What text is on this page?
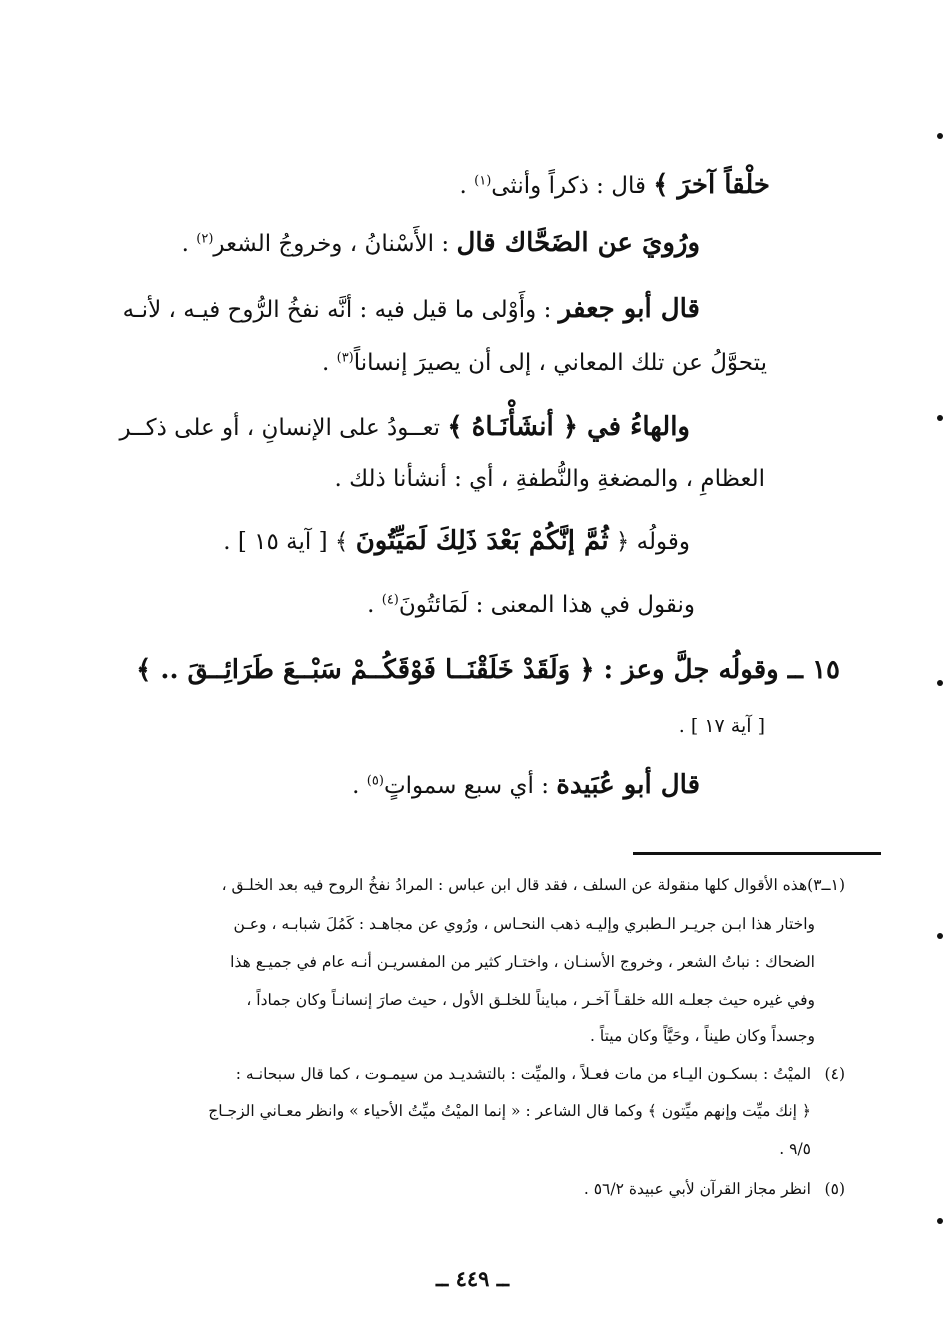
خلْقاً آخرَ ﴾ قال : ذكراً وأنثى$^{(١)}$ .
ورُويَ عن الضَحَّاك قال : الأَسْنانُ ، وخروجُ الشعر$^{(٢)}$ .
قال أبو جعفر : وأَوْلى ما قيل فيه : أنَّه نفخُ الرُّوح فيـه ، لأنـه
يتحوَّلُ عن تلك المعاني ، إلى أن يصيرَ إنساناً$^{(٣)}$ .
والهاءُ في ﴿ أنشَأْنَـاهُ ﴾ تعــودُ على الإنسانِ ، أو على ذكــر
العظامِ ، والمضغةِ والنُّطفةِ ، أي : أنشأنا ذلك .
وقولُه ﴿ ثُمَّ إنَّكُمْ بَعْدَ ذَلِكَ لَمَيِّتُونَ ﴾ [ آية ١٥ ] .
ونقول في هذا المعنى : لَمَائتُونَ$^{(٤)}$ .
١٥ ــ وقولُه جلَّ وعز : ﴿ وَلَقَدْ خَلَقْنَــا فَوْقَكُــمْ سَبْــعَ طَرَائِــقَ .. ﴾
[ آية ١٧ ] .
قال أبو عُبَيدة : أي سبع سمواتٍ$^{(٥)}$ .
(١ــ٣)هذه الأقوال كلها منقولة عن السلف ، فقد قال ابن عباس : المرادُ نفخُ الروح فيه بعد الخلـق ،
واختار هذا ابـن جريـر الـطبري وإليـه ذهب النحـاس ، ورُوي عن مجاهـد : كَمُلَ شبابـه ، وعـن
الضحاك : نباتُ الشعر ، وخروج الأسنـان ، واختـار كثير من المفسريـن أنـه عام في جميـع هذا
وفي غيره حيث جعلـه الله خلقـاً آخـر ، مبايناً للخلـق الأول ، حيث صارَ إنسانـاً وكان جماداً ،
وجسداً وكان طيناً ، وحَيَّاً وكان ميتاً .
(٤)الميْتُ : بسكـون اليـاء من مات فعـلاً ، والميِّت : بالتشديـد من سيمـوت ، كما قال سبحانـه :
﴿ إنك ميِّت وإنهم ميِّتون ﴾ وكما قال الشاعر : « إنما الميْتُ ميِّتُ الأحياء » وانظر معـاني الزجـاج
٩/٥ .
(٥)انظر مجاز القرآن لأبي عبيدة ٥٦/٢ .
ــ ٤٤٩ ــ
